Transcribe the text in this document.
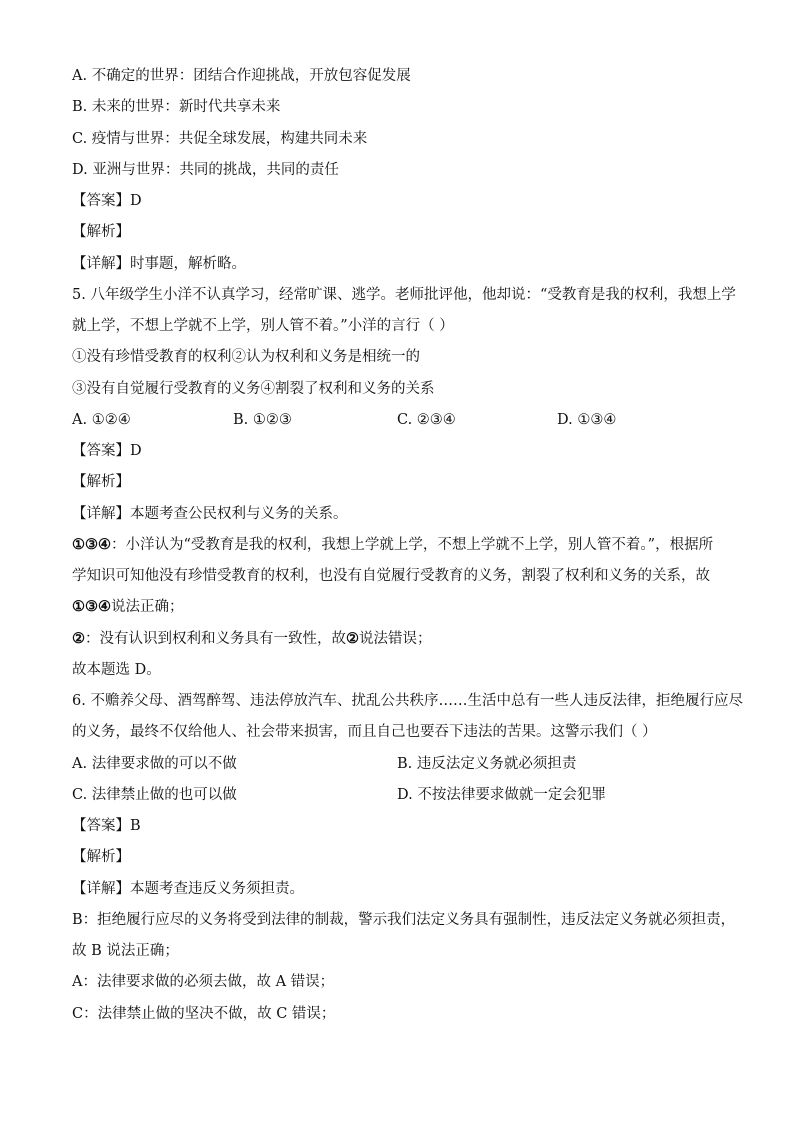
A. 不确定的世界：团结合作迎挑战，开放包容促发展
B. 未来的世界：新时代共享未来
C. 疫情与世界：共促全球发展，构建共同未来
D. 亚洲与世界：共同的挑战，共同的责任
【答案】D
【解析】
【详解】时事题，解析略。
5. 八年级学生小洋不认真学习，经常旷课、逃学。老师批评他，他却说：“受教育是我的权利，我想上学
就上学，不想上学就不上学，别人管不着。”小洋的言行（ ）
①没有珍惜受教育的权利②认为权利和义务是相统一的
③没有自觉履行受教育的义务④割裂了权利和义务的关系
A. ①②④	B. ①②③	C. ②③④	D. ①③④
【答案】D
【解析】
【详解】本题考查公民权利与义务的关系。
①③④：小洋认为“受教育是我的权利，我想上学就上学，不想上学就不上学，别人管不着。”，根据所
学知识可知他没有珍惜受教育的权利，也没有自觉履行受教育的义务，割裂了权利和义务的关系，故
①③④说法正确；
②：没有认识到权利和义务具有一致性，故②说法错误；
故本题选 D。
6. 不赡养父母、酒驾醉驾、违法停放汽车、扰乱公共秩序……生活中总有一些人违反法律，拒绝履行应尽
的义务，最终不仅给他人、社会带来损害，而且自己也要吞下违法的苦果。这警示我们（ ）
A. 法律要求做的可以不做	B. 违反法定义务就必须担责
C. 法律禁止做的也可以做	D. 不按法律要求做就一定会犯罪
【答案】B
【解析】
【详解】本题考查违反义务须担责。
B：拒绝履行应尽的义务将受到法律的制裁，警示我们法定义务具有强制性，违反法定义务就必须担责，
故 B 说法正确；
A：法律要求做的必须去做，故 A 错误；
C：法律禁止做的坚决不做，故 C 错误；
